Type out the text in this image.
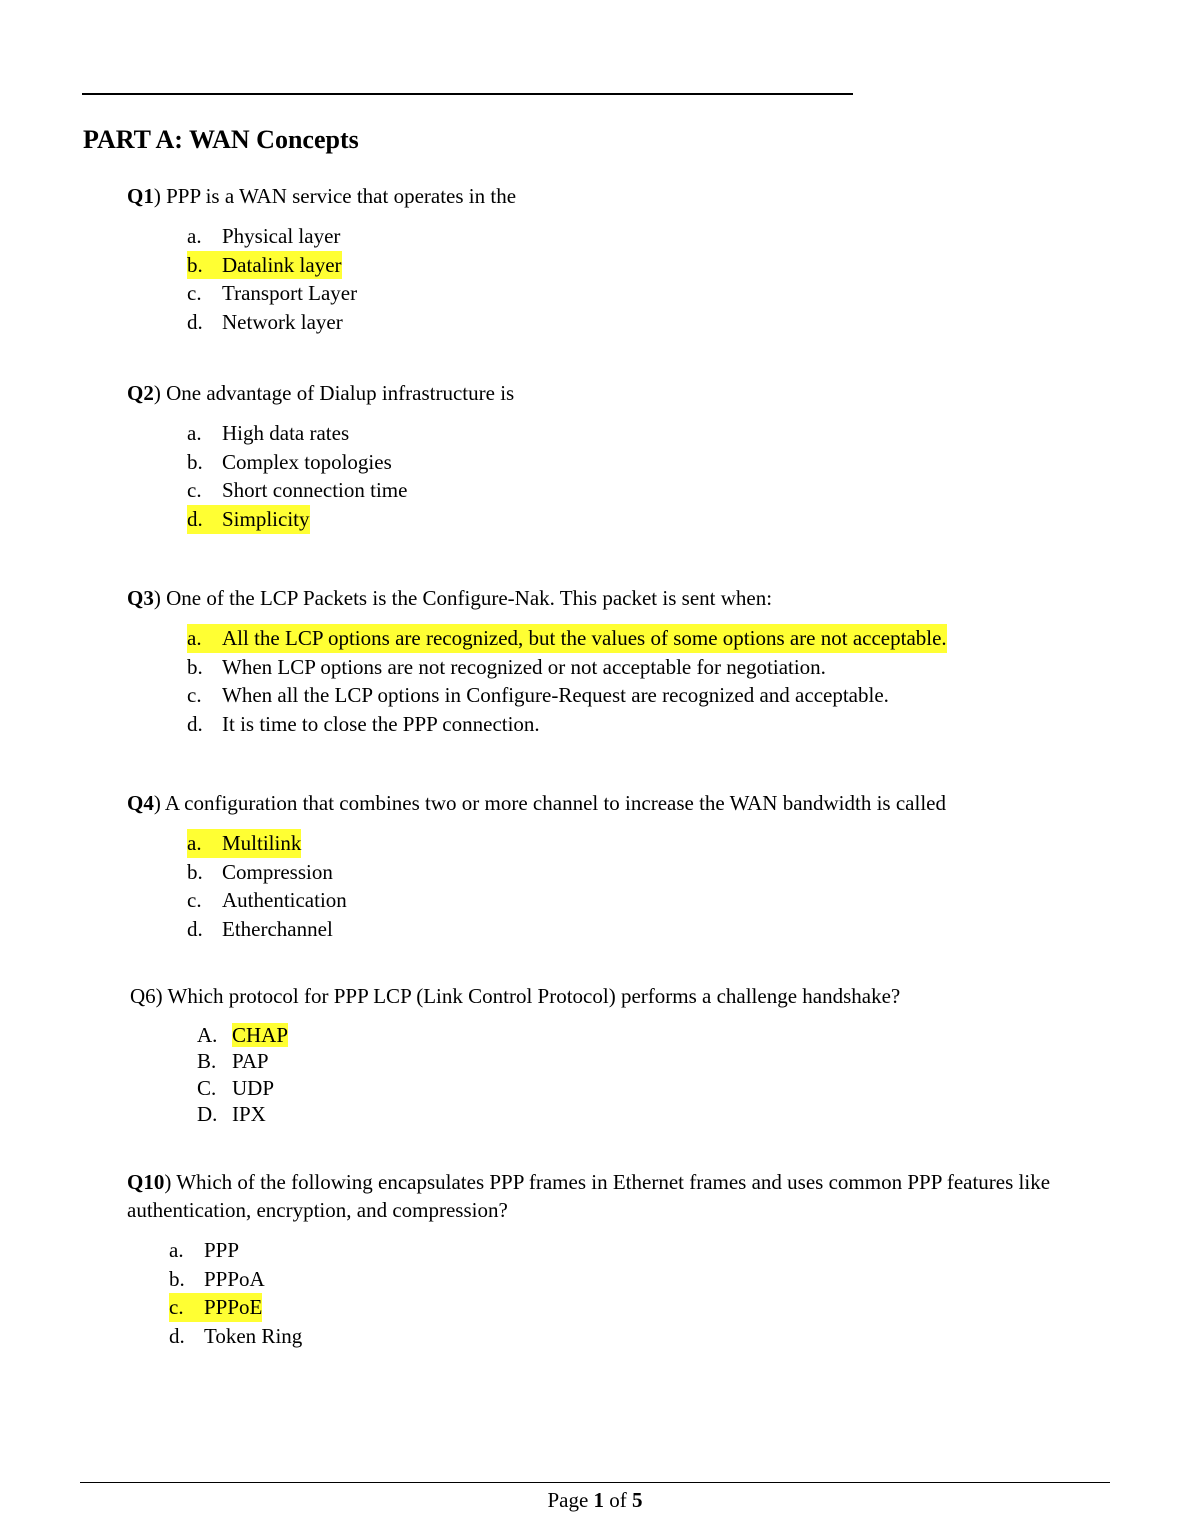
PART A: WAN Concepts

Q1) PPP is a WAN service that operates in the

a. Physical layer
b. Datalink layer
c. Transport Layer
d. Network layer

Q2) One advantage of Dialup infrastructure is

a. High data rates
b. Complex topologies
c. Short connection time
d. Simplicity

Q3) One of the LCP Packets is the Configure-Nak. This packet is sent when:

a. All the LCP options are recognized, but the values of some options are not acceptable.
b. When LCP options are not recognized or not acceptable for negotiation.
c. When all the LCP options in Configure-Request are recognized and acceptable.
d. It is time to close the PPP connection.

Q4) A configuration that combines two or more channel to increase the WAN bandwidth is called

a. Multilink
b. Compression
c. Authentication
d. Etherchannel

Q6) Which protocol for PPP LCP (Link Control Protocol) performs a challenge handshake?

A. CHAP
B. PAP
C. UDP
D. IPX

Q10) Which of the following encapsulates PPP frames in Ethernet frames and uses common PPP features like authentication, encryption, and compression?

a. PPP
b. PPPoA
c. PPPoE
d. Token Ring
Page 1 of 5
